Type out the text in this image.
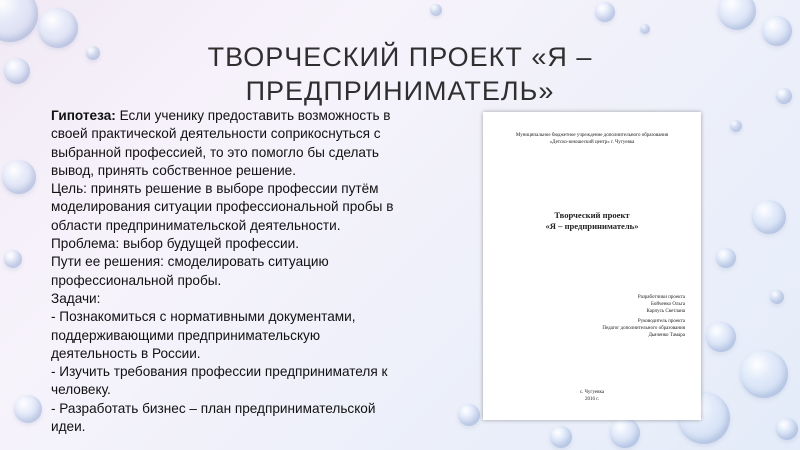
ТВОРЧЕСКИЙ ПРОЕКТ «Я – ПРЕДПРИНИМАТЕЛЬ»
Гипотеза: Если ученику предоставить возможность в
своей практической деятельности соприкоснуться с
выбранной профессией, то это помогло бы сделать
вывод, принять собственное решение.
Цель: принять решение в выборе профессии путём
моделирования ситуации профессиональной пробы в
области предпринимательской деятельности.
Проблема: выбор будущей профессии.
Пути ее решения: смоделировать ситуацию
профессиональной пробы.
Задачи:
- Познакомиться с нормативными документами,
поддерживающими предпринимательскую
деятельность в России.
- Изучить требования профессии предпринимателя к
человеку.
- Разработать бизнес – план предпринимательской
идеи.
Муниципальное бюджетное учреждение дополнительного образования
«Детско-юношеский центр» г. Чугуевка
Творческий проект
«Я – предприниматель»
Разработчики проекта
Бойченко Ольга
Карпусь Светлана
Руководитель проекта
Педагог дополнительного образования
Дьяченко Тамара
с. Чугуевка
2016 г.
